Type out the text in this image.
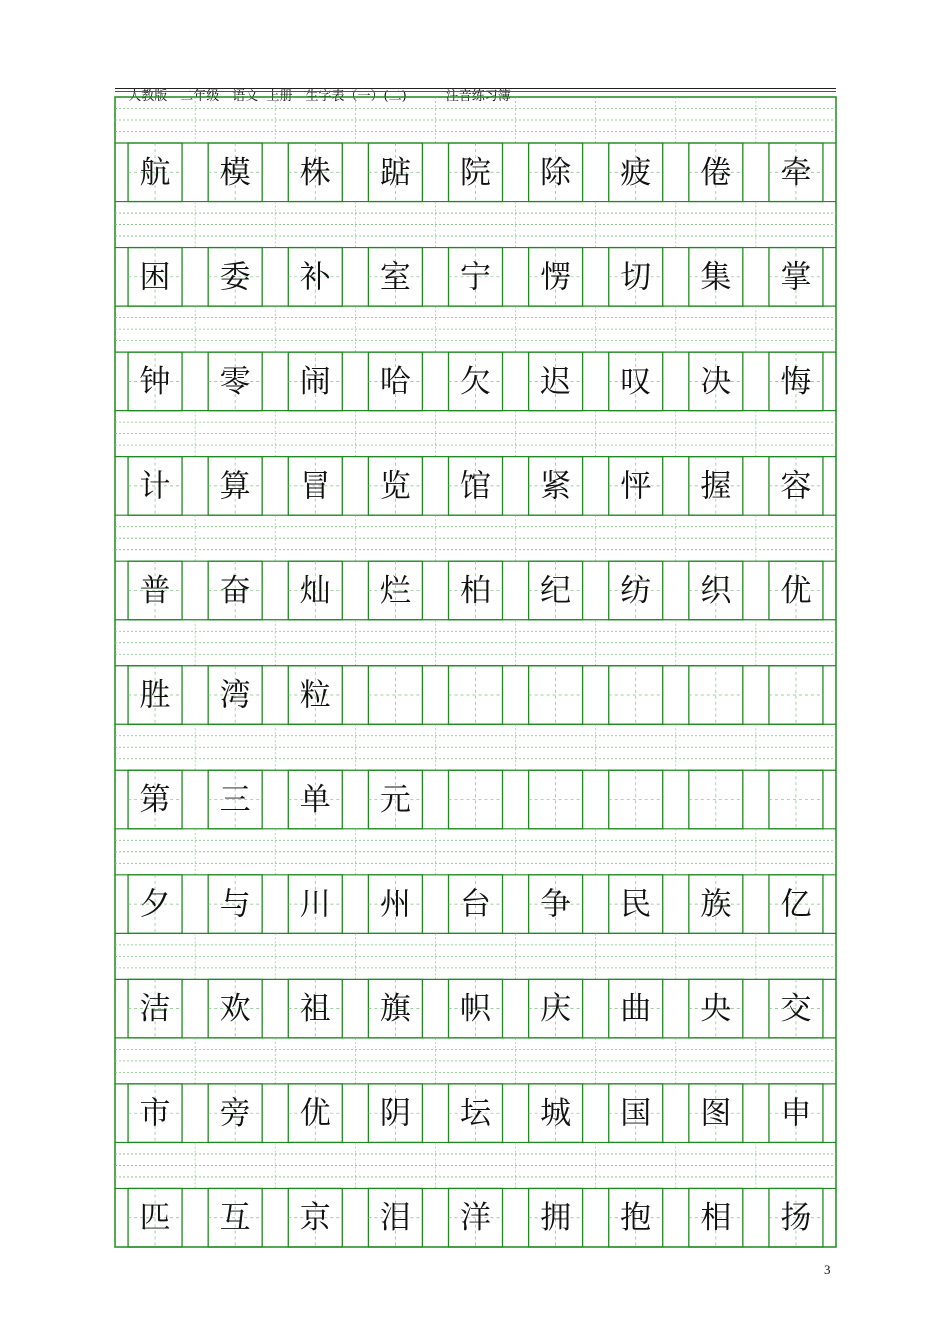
人教版　二年级　语文  上册　生字表（一）(二)　　　	注音练习簿

航 模 株 踮 院 除 疲 倦 牵
困 委 补 室 宁 愣 切 集 掌
钟 零 闹 哈 欠 迟 叹 决 悔
计 算 冒 览 馆 紧 怦 握 容
普 奋 灿 烂 柏 纪 纺 织 优
胜 湾 粒
第 三 单 元
夕 与 川 州 台 争 民 族 亿
洁 欢 祖 旗 帜 庆 曲 央 交
市 旁 优 阴 坛 城 国 图 申
匹 互 京 泪 洋 拥 抱 相 扬
3
